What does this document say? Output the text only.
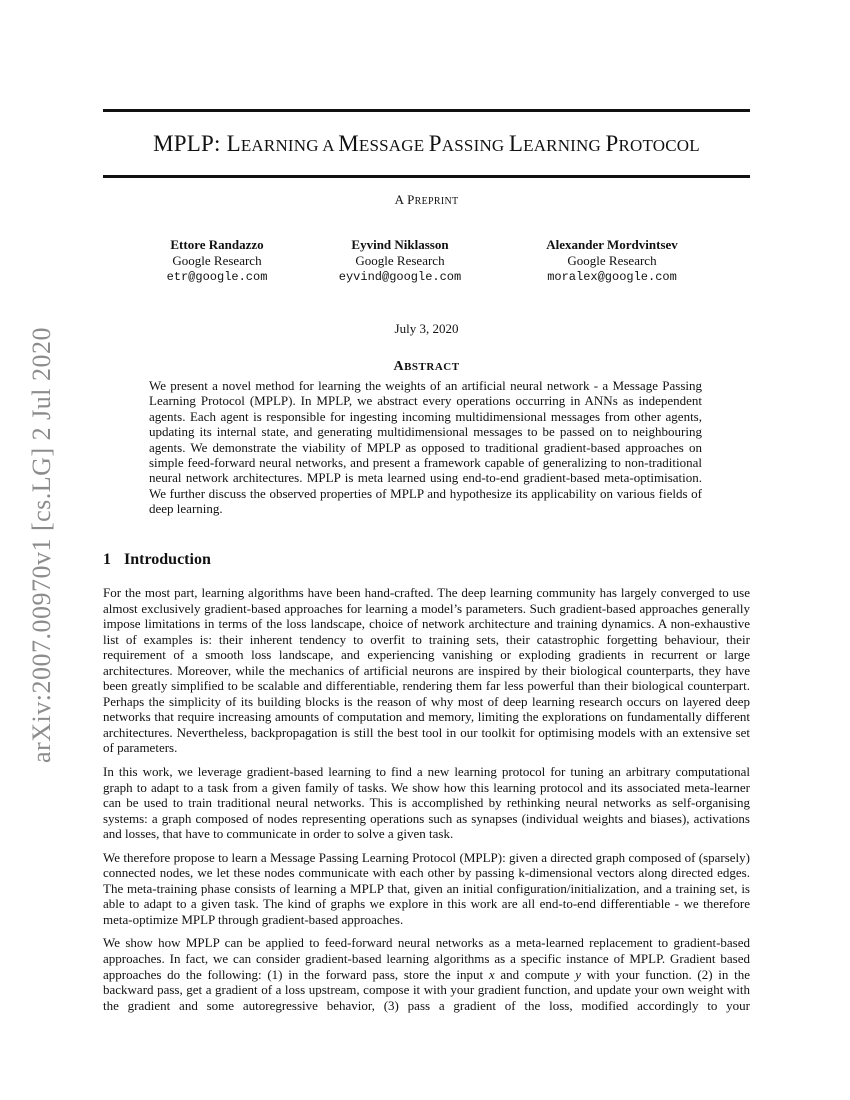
arXiv:2007.00970v1 [cs.LG] 2 Jul 2020
MPLP: LEARNING A MESSAGE PASSING LEARNING PROTOCOL
A PREPRINT
Ettore Randazzo
Google Research
etr@google.com
Eyvind Niklasson
Google Research
eyvind@google.com
Alexander Mordvintsev
Google Research
moralex@google.com
July 3, 2020
ABSTRACT

We present a novel method for learning the weights of an artificial neural network - a Message Passing Learning Protocol (MPLP). In MPLP, we abstract every operations occurring in ANNs as independent agents. Each agent is responsible for ingesting incoming multidimensional messages from other agents, updating its internal state, and generating multidimensional messages to be passed on to neighbouring agents. We demonstrate the viability of MPLP as opposed to traditional gradient-based approaches on simple feed-forward neural networks, and present a framework capable of generalizing to non-traditional neural network architectures. MPLP is meta learned using end-to-end gradient-based meta-optimisation. We further discuss the observed properties of MPLP and hypothesize its applicability on various fields of deep learning.

1 Introduction

For the most part, learning algorithms have been hand-crafted. The deep learning community has largely converged to use almost exclusively gradient-based approaches for learning a model’s parameters. Such gradient-based approaches generally impose limitations in terms of the loss landscape, choice of network architecture and training dynamics. A non-exhaustive list of examples is: their inherent tendency to overfit to training sets, their catastrophic forgetting behaviour, their requirement of a smooth loss landscape, and experiencing vanishing or exploding gradients in recurrent or large architectures. Moreover, while the mechanics of artificial neurons are inspired by their biological counterparts, they have been greatly simplified to be scalable and differentiable, rendering them far less powerful than their biological counterpart. Perhaps the simplicity of its building blocks is the reason of why most of deep learning research occurs on layered deep networks that require increasing amounts of computation and memory, limiting the explorations on fundamentally different architectures. Nevertheless, backpropagation is still the best tool in our toolkit for optimising models with an extensive set of parameters.

In this work, we leverage gradient-based learning to find a new learning protocol for tuning an arbitrary computational graph to adapt to a task from a given family of tasks. We show how this learning protocol and its associated meta-learner can be used to train traditional neural networks. This is accomplished by rethinking neural networks as self-organising systems: a graph composed of nodes representing operations such as synapses (individual weights and biases), activations and losses, that have to communicate in order to solve a given task.

We therefore propose to learn a Message Passing Learning Protocol (MPLP): given a directed graph composed of (sparsely) connected nodes, we let these nodes communicate with each other by passing k-dimensional vectors along directed edges. The meta-training phase consists of learning a MPLP that, given an initial configuration/initialization, and a training set, is able to adapt to a given task. The kind of graphs we explore in this work are all end-to-end differentiable - we therefore meta-optimize MPLP through gradient-based approaches.

We show how MPLP can be applied to feed-forward neural networks as a meta-learned replacement to gradient-based approaches. In fact, we can consider gradient-based learning algorithms as a specific instance of MPLP. Gradient based approaches do the following: (1) in the forward pass, store the input x and compute y with your function. (2) in the backward pass, get a gradient of a loss upstream, compose it with your gradient function, and update your own weight with the gradient and some autoregressive behavior, (3) pass a gradient of the loss, modified accordingly to your
